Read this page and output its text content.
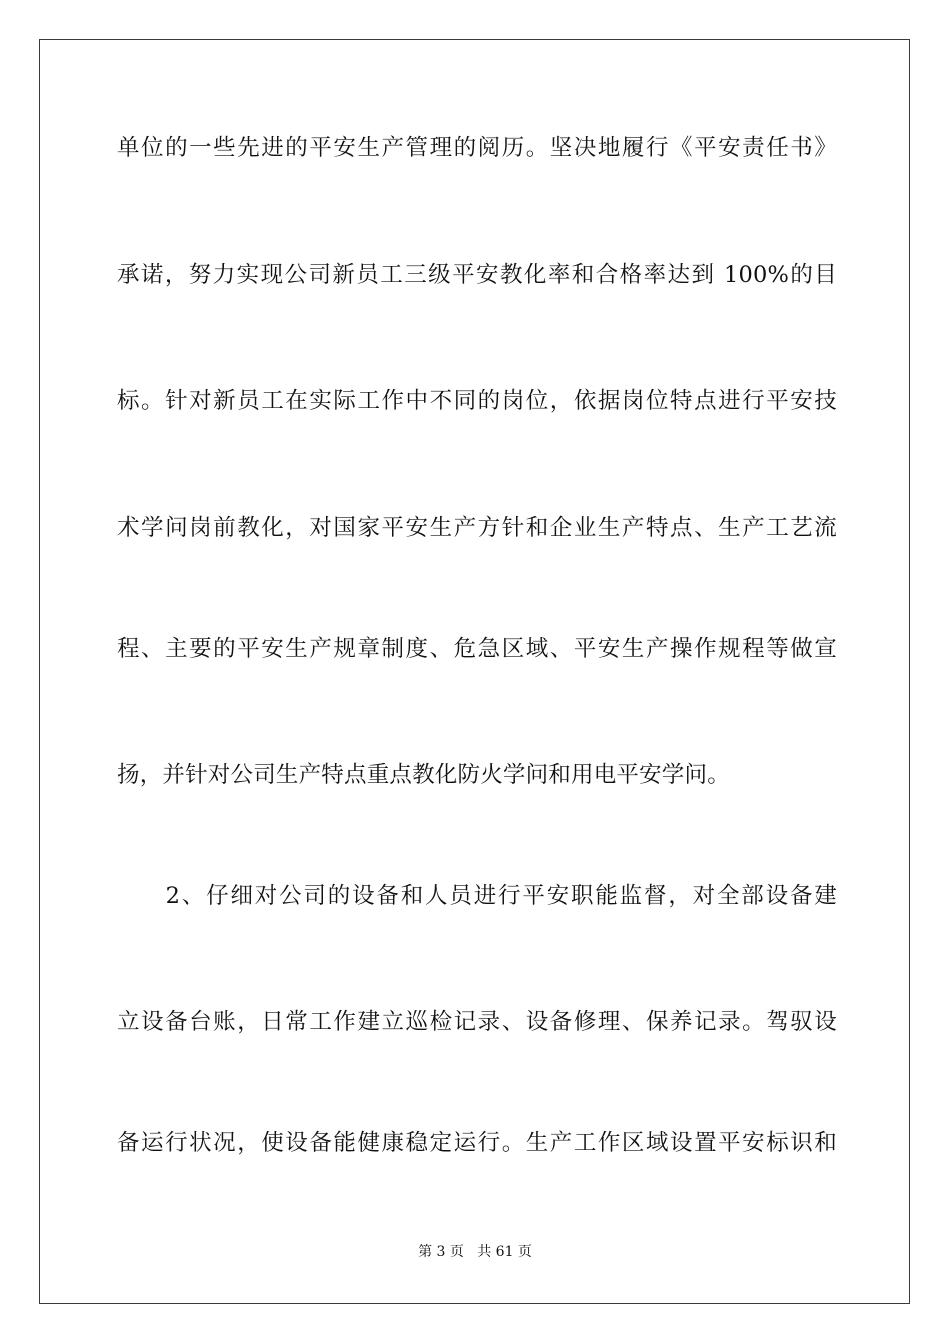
单位的一些先进的平安生产管理的阅历。坚决地履行《平安责任书》
承诺，努力实现公司新员工三级平安教化率和合格率达到 100%的目
标。针对新员工在实际工作中不同的岗位，依据岗位特点进行平安技
术学问岗前教化，对国家平安生产方针和企业生产特点、生产工艺流
程、主要的平安生产规章制度、危急区域、平安生产操作规程等做宣
扬，并针对公司生产特点重点教化防火学问和用电平安学问。
　　2、仔细对公司的设备和人员进行平安职能监督，对全部设备建
立设备台账，日常工作建立巡检记录、设备修理、保养记录。驾驭设
备运行状况，使设备能健康稳定运行。生产工作区域设置平安标识和
第 3 页   共 61 页
